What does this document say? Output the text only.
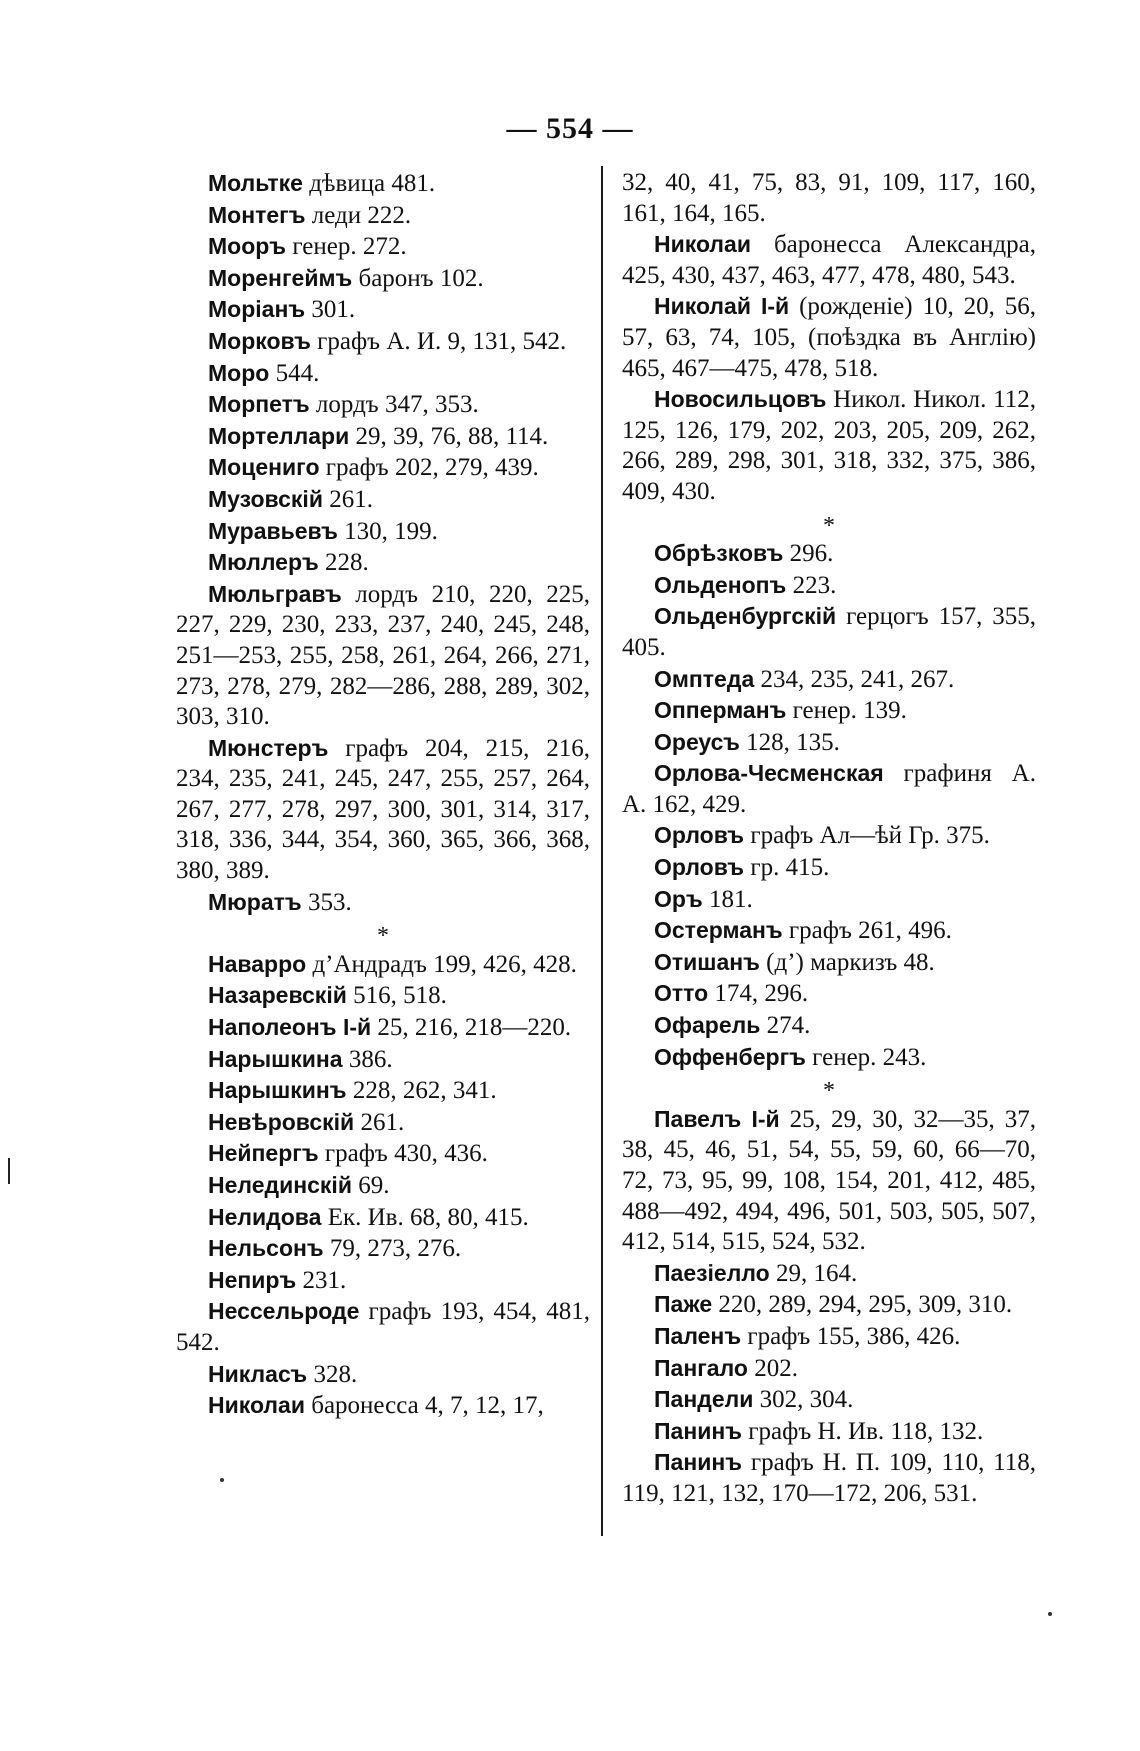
— 554 —

Мольтке дѣвица 481.

Монтегъ леди 222.

Мооръ генер. 272.

Моренгеймъ баронъ 102.

Моріанъ 301.

Морковъ графъ А. И. 9, 131, 542.

Моро 544.

Морпетъ лордъ 347, 353.

Мортеллари 29, 39, 76, 88, 114.

Моцениго графъ 202, 279, 439.

Музовскій 261.

Муравьевъ 130, 199.

Мюллеръ 228.

Мюльгравъ лордъ 210, 220, 225, 227, 229, 230, 233, 237, 240, 245, 248, 251—253, 255, 258, 261, 264, 266, 271, 273, 278, 279, 282—286, 288, 289, 302, 303, 310.

Мюнстеръ графъ 204, 215, 216, 234, 235, 241, 245, 247, 255, 257, 264, 267, 277, 278, 297, 300, 301, 314, 317, 318, 336, 344, 354, 360, 365, 366, 368, 380, 389.

Мюратъ 353.

*

Наварро д’Андрадъ 199, 426, 428.

Назаревскій 516, 518.

Наполеонъ І-й 25, 216, 218—220.

Нарышкина 386.

Нарышкинъ 228, 262, 341.

Невѣровскій 261.

Нейпергъ графъ 430, 436.

Нелединскій 69.

Нелидова Ек. Ив. 68, 80, 415.

Нельсонъ 79, 273, 276.

Непиръ 231.

Нессельроде графъ 193, 454, 481, 542.

Никласъ 328.

Николаи баронесса 4, 7, 12, 17,

32, 40, 41, 75, 83, 91, 109, 117, 160, 161, 164, 165.

Николаи баронесса Александра, 425, 430, 437, 463, 477, 478, 480, 543.

Николай І-й (рожденіе) 10, 20, 56, 57, 63, 74, 105, (поѣздка въ Англію) 465, 467—475, 478, 518.

Новосильцовъ Никол. Никол. 112, 125, 126, 179, 202, 203, 205, 209, 262, 266, 289, 298, 301, 318, 332, 375, 386, 409, 430.

*

Обрѣзковъ 296.

Ольденопъ 223.

Ольденбургскій герцогъ 157, 355, 405.

Омптеда 234, 235, 241, 267.

Опперманъ генер. 139.

Ореусъ 128, 135.

Орлова-Чесменская графиня А. А. 162, 429.

Орловъ графъ Ал—ѣй Гр. 375.

Орловъ гр. 415.

Оръ 181.

Остерманъ графъ 261, 496.

Отишанъ (д’) маркизъ 48.

Отто 174, 296.

Офарель 274.

Оффенбергъ генер. 243.

*

Павелъ І-й 25, 29, 30, 32—35, 37, 38, 45, 46, 51, 54, 55, 59, 60, 66—70, 72, 73, 95, 99, 108, 154, 201, 412, 485, 488—492, 494, 496, 501, 503, 505, 507, 412, 514, 515, 524, 532.

Паезіелло 29, 164.

Паже 220, 289, 294, 295, 309, 310.

Паленъ графъ 155, 386, 426.

Пангало 202.

Пандели 302, 304.

Панинъ графъ Н. Ив. 118, 132.

Панинъ графъ Н. П. 109, 110, 118, 119, 121, 132, 170—172, 206, 531.
